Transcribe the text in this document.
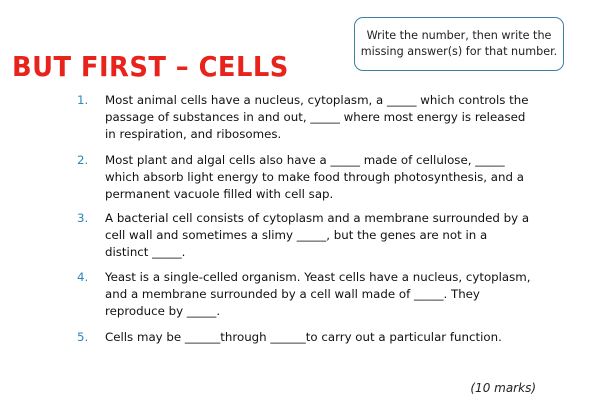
Write the number, then write the
missing answer(s) for that number.
BUT FIRST – CELLS
1. Most animal cells have a nucleus, cytoplasm, a _____ which controls the
passage of substances in and out, _____ where most energy is released
in respiration, and ribosomes.
2. Most plant and algal cells also have a _____ made of cellulose, _____
which absorb light energy to make food through photosynthesis, and a
permanent vacuole filled with cell sap.
3. A bacterial cell consists of cytoplasm and a membrane surrounded by a
cell wall and sometimes a slimy _____, but the genes are not in a
distinct _____.
4. Yeast is a single-celled organism. Yeast cells have a nucleus, cytoplasm,
and a membrane surrounded by a cell wall made of _____. They
reproduce by _____.
5. Cells may be ______through ______to carry out a particular function.
(10 marks)
